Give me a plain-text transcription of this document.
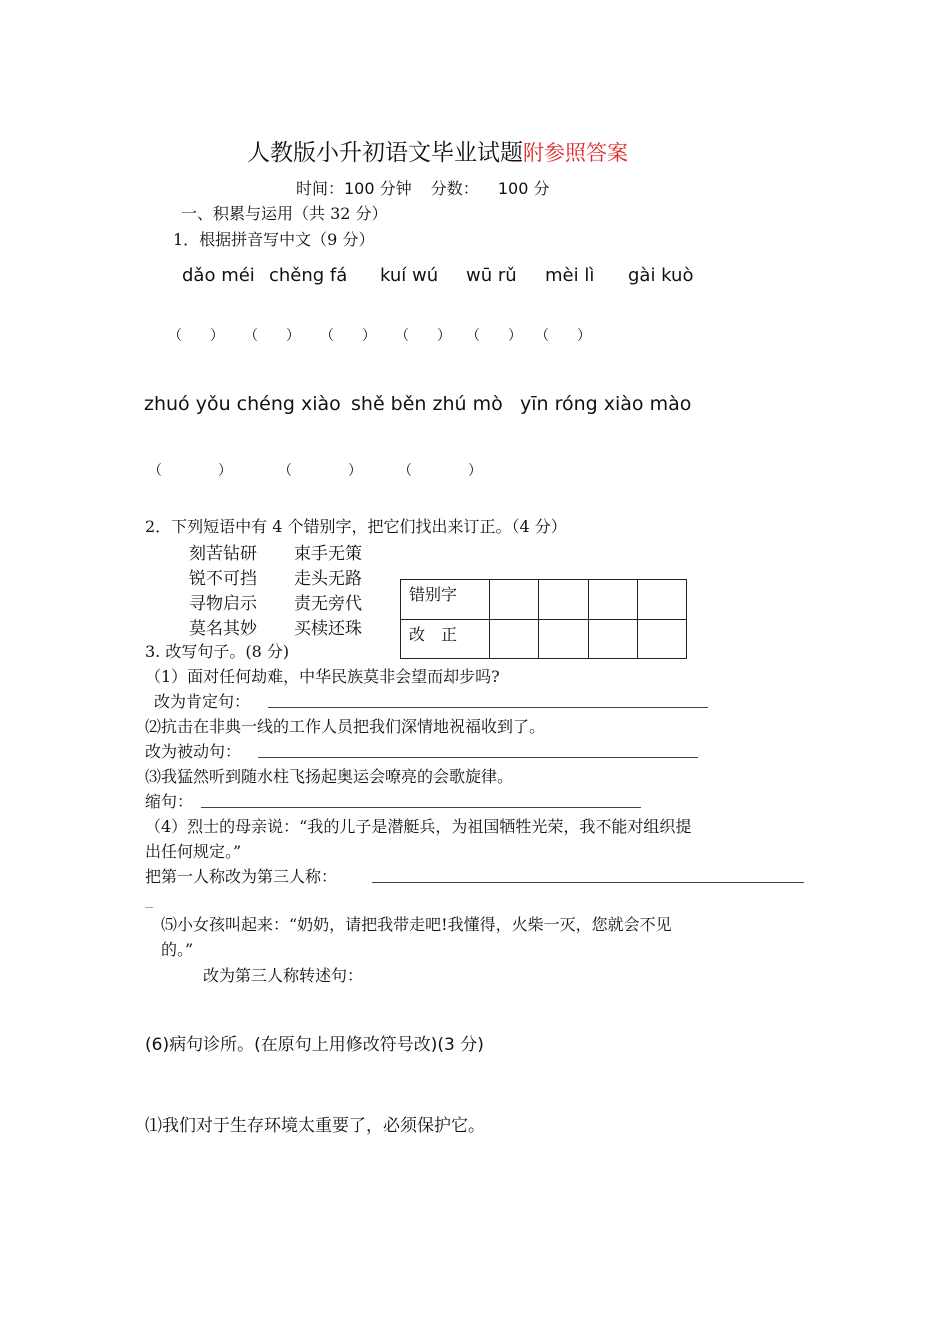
人教版小升初语文毕业试题附参照答案
时间：100 分钟 分数： 100 分
一、积累与运用（共 32 分）
1．根据拼音写中文（9 分）
dǎo méi chěng fá kuí wú wū rǔ mèi lì gài kuò
（　　） （　　） （　　） （　　） （　　） （　　）
zhuó yǒu chéng xiào shě běn zhú mò yīn róng xiào mào
（　　　　）	（　　　　）	（　　　　）
2．下列短语中有 4 个错别字，把它们找出来订正。（4 分）
刻苦钻研 束手无策
锐不可挡 走头无路
寻物启示 责无旁代
莫名其妙 买椟还珠
错别字				
改　正				
3. 改写句子。(8 分)
（1）面对任何劫难，中华民族莫非会望而却步吗?
改为肯定句：
⑵抗击在非典一线的工作人员把我们深情地祝福收到了。
改为被动句：
⑶我猛然听到随水柱飞扬起奥运会嘹亮的会歌旋律。
缩句：
（4）烈士的母亲说：“我的儿子是潜艇兵，为祖国牺牲光荣，我不能对组织提
出任何规定。”
把第一人称改为第三人称：
_
⑸小女孩叫起来：“奶奶，请把我带走吧!我懂得，火柴一灭，您就会不见
的。”
改为第三人称转述句：
(6)病句诊所。(在原句上用修改符号改)(3 分)
⑴我们对于生存环境太重要了，必须保护它。
